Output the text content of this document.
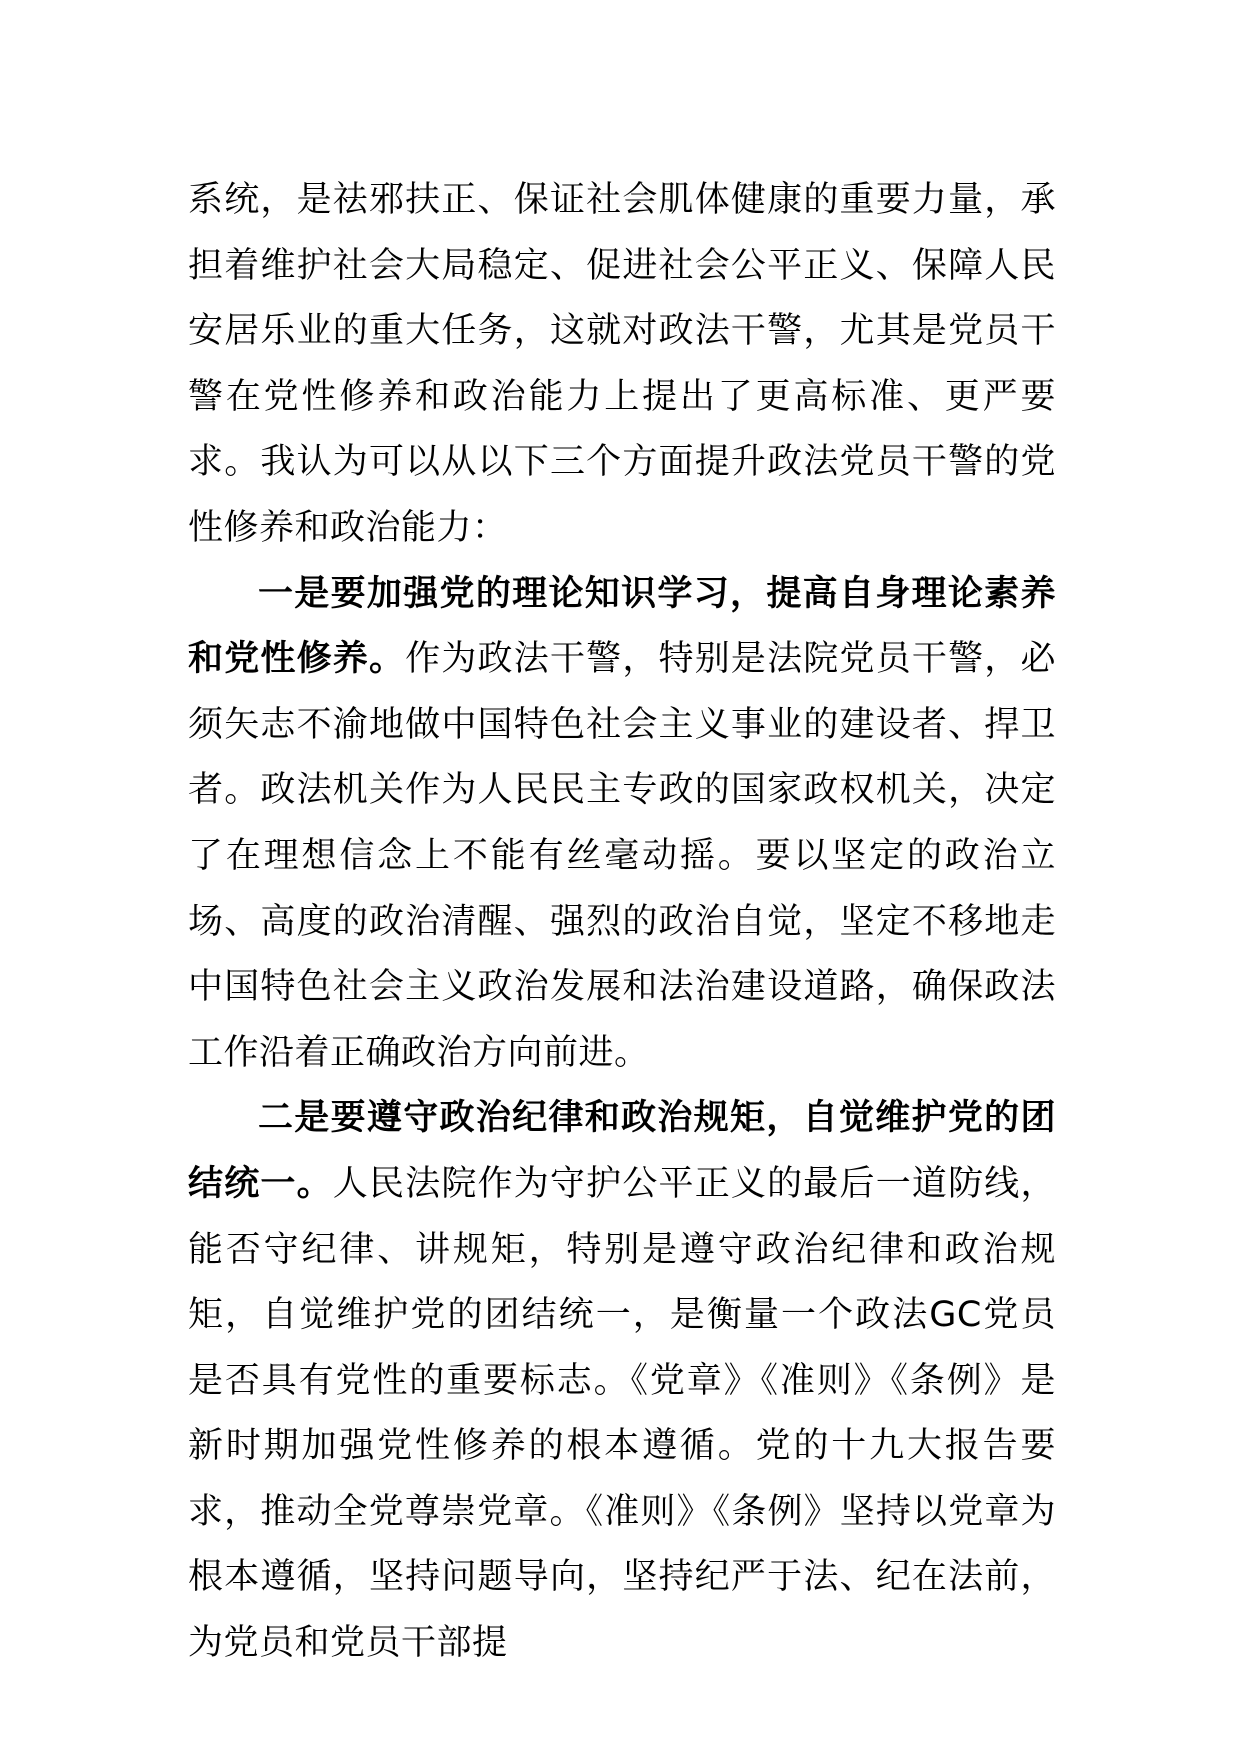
系统，是祛邪扶正、保证社会肌体健康的重要力量，承担着维护社会大局稳定、促进社会公平正义、保障人民安居乐业的重大任务，这就对政法干警，尤其是党员干警在党性修养和政治能力上提出了更高标准、更严要求。我认为可以从以下三个方面提升政法党员干警的党性修养和政治能力：

一是要加强党的理论知识学习，提高自身理论素养和党性修养。作为政法干警，特别是法院党员干警，必须矢志不渝地做中国特色社会主义事业的建设者、捍卫者。政法机关作为人民民主专政的国家政权机关，决定了在理想信念上不能有丝毫动摇。要以坚定的政治立场、高度的政治清醒、强烈的政治自觉，坚定不移地走中国特色社会主义政治发展和法治建设道路，确保政法工作沿着正确政治方向前进。

二是要遵守政治纪律和政治规矩，自觉维护党的团结统一。人民法院作为守护公平正义的最后一道防线，能否守纪律、讲规矩，特别是遵守政治纪律和政治规矩，自觉维护党的团结统一，是衡量一个政法GC党员是否具有党性的重要标志。《党章》《准则》《条例》是新时期加强党性修养的根本遵循。党的十九大报告要求，推动全党尊崇党章。《准则》《条例》坚持以党章为根本遵循，坚持问题导向，坚持纪严于法、纪在法前，为党员和党员干部提
